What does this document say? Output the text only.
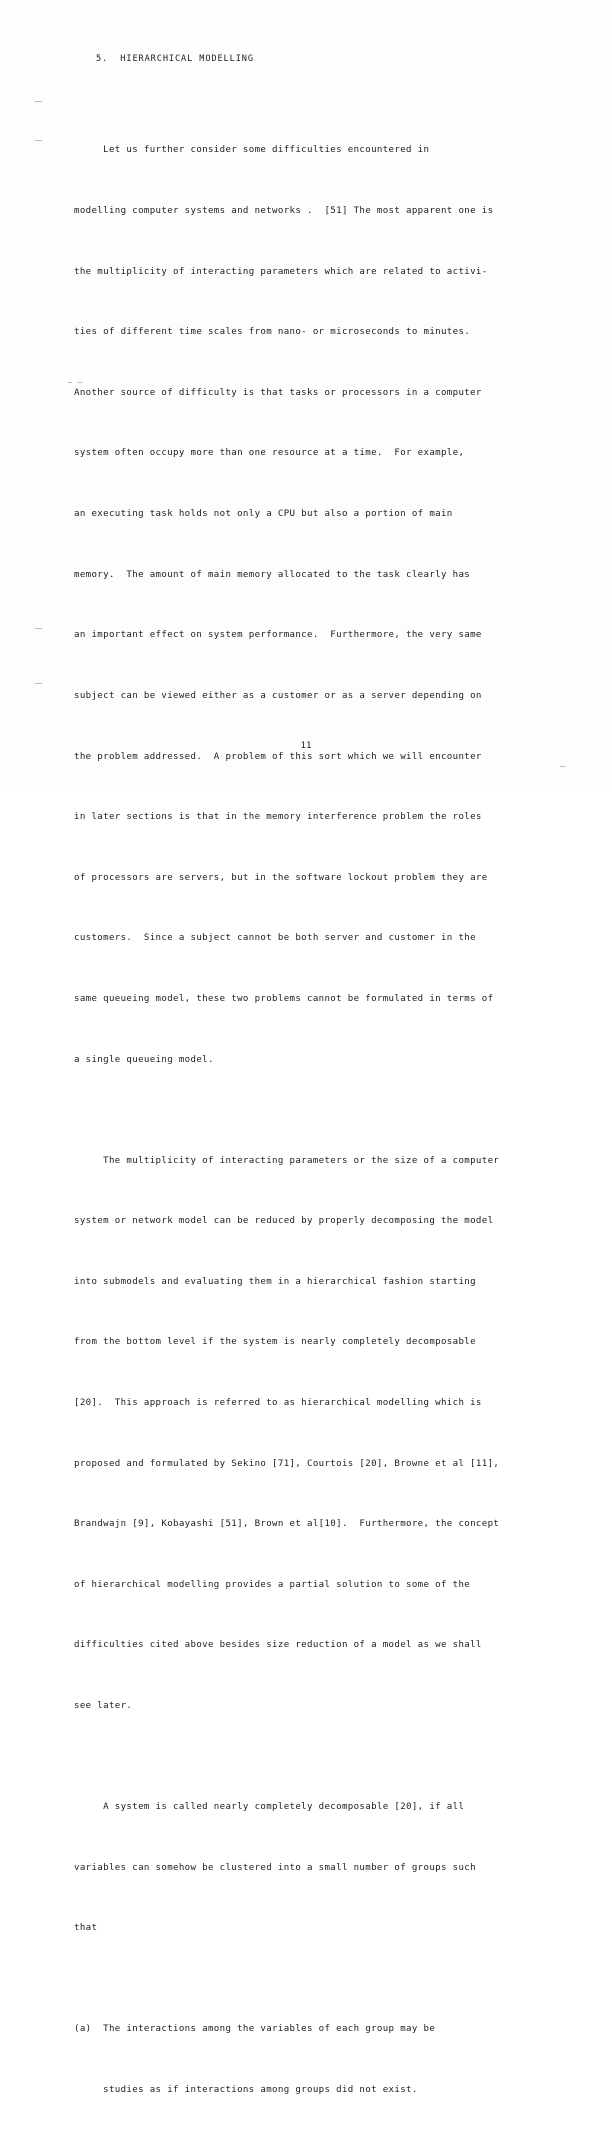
5.  HIERARCHICAL MODELLING

Let us further consider some difficulties encountered in

modelling computer systems and networks .  [51] The most apparent one is

the multiplicity of interacting parameters which are related to activi-

ties of different time scales from nano- or microseconds to minutes.

Another source of difficulty is that tasks or processors in a computer

system often occupy more than one resource at a time.  For example,

an executing task holds not only a CPU but also a portion of main

memory.  The amount of main memory allocated to the task clearly has

an important effect on system performance.  Furthermore, the very same

subject can be viewed either as a customer or as a server depending on

the problem addressed.  A problem of this sort which we will encounter

in later sections is that in the memory interference problem the roles

of processors are servers, but in the software lockout problem they are

customers.  Since a subject cannot be both server and customer in the

same queueing model, these two problems cannot be formulated in terms of

a single queueing model.

The multiplicity of interacting parameters or the size of a computer

system or network model can be reduced by properly decomposing the model

into submodels and evaluating them in a hierarchical fashion starting

from the bottom level if the system is nearly completely decomposable

[20].  This approach is referred to as hierarchical modelling which is

proposed and formulated by Sekino [71], Courtois [20], Browne et al [11],

Brandwajn [9], Kobayashi [51], Brown et al[10].  Furthermore, the concept

of hierarchical modelling provides a partial solution to some of the

difficulties cited above besides size reduction of a model as we shall

see later.

A system is called nearly completely decomposable [20], if all

variables can somehow be clustered into a small number of groups such

that

(a)  The interactions among the variables of each group may be

studies as if interactions among groups did not exist.

11
